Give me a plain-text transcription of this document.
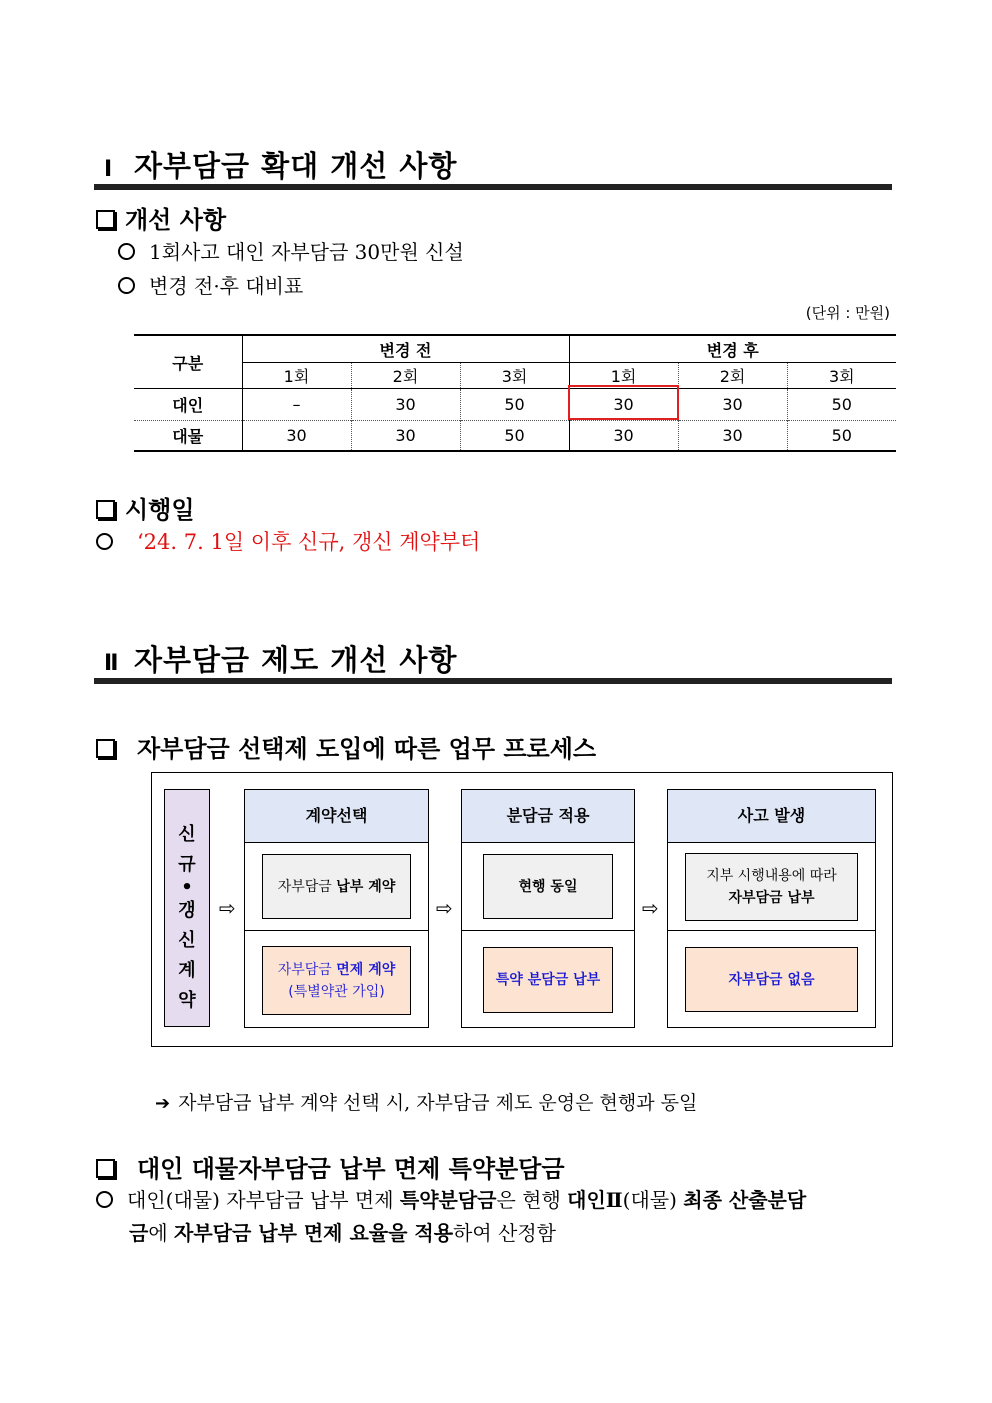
Ⅰ 자부담금 확대 개선 사항
개선 사항
1회사고 대인 자부담금 30만원 신설
변경 전·후 대비표
(단위 : 만원)
구분	변경 전			변경 후		
	1회	2회	3회	1회	2회	3회
대인	–	30	50	30	30	50
대물	30	30	50	30	30	50
시행일
‘24. 7. 1일 이후 신규, 갱신 계약부터
Ⅱ 자부담금 제도 개선 사항
자부담금 선택제 도입에 따른 업무 프로세스
신
규
•
갱
신
계
약
⇨	⇨	⇨
계약선택
자부담금 납부 계약
자부담금 면제 계약
(특별약관 가입)
분담금 적용
현행 동일
특약 분담금 납부
사고 발생
지부 시행내용에 따라
자부담금 납부
자부담금 없음
➔ 자부담금 납부 계약 선택 시, 자부담금 제도 운영은 현행과 동일
대인 대물자부담금 납부 면제 특약분담금
대인(대물) 자부담금 납부 면제 특약분담금은 현행 대인Ⅱ(대물) 최종 산출분담
금에 자부담금 납부 면제 요율을 적용하여 산정함
